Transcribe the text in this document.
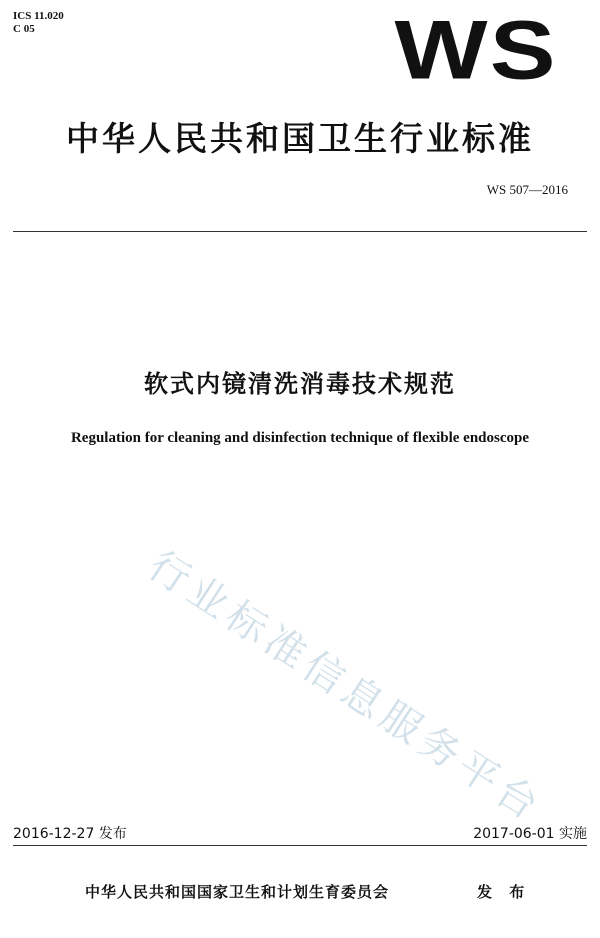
ICS 11.020
C 05	WS
中华人民共和国卫生行业标准
WS 507—2016
软式内镜清洗消毒技术规范
Regulation for cleaning and disinfection technique of flexible endoscope
行业标准信息服务平台
2016-12-27 发布	2017-06-01 实施
中华人民共和国国家卫生和计划生育委员会	发 布
